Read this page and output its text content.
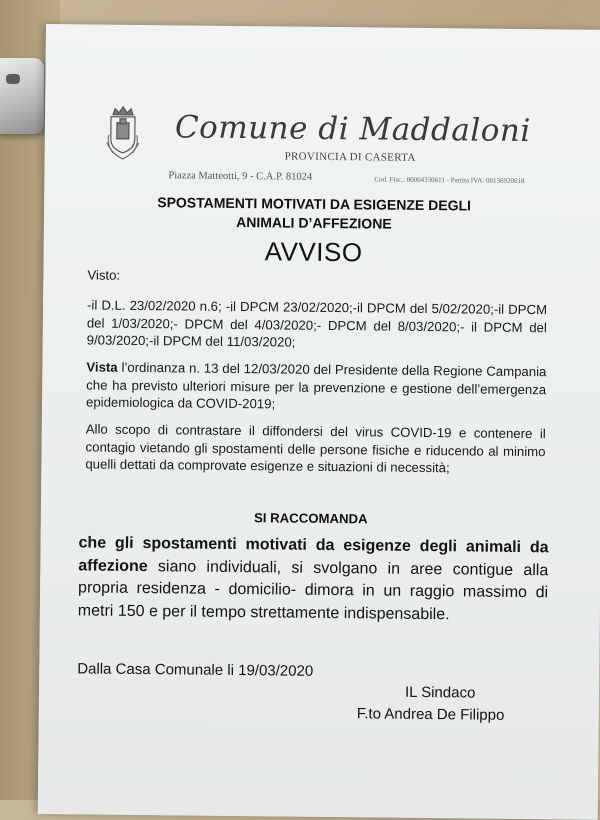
Comune di Maddaloni
PROVINCIA DI CASERTA
Piazza Matteotti, 9 - C.A.P. 81024	Cod. Fisc.: 80004330611 - Partita IVA: 00136920618
SPOSTAMENTI MOTIVATI DA ESIGENZE DEGLI
ANIMALI D’AFFEZIONE
AVVISO
Visto:
-il D.L. 23/02/2020 n.6; -il DPCM 23/02/2020;-il DPCM del 5/02/2020;-il DPCM del 1/03/2020;- DPCM del 4/03/2020;- DPCM del 8/03/2020;- il DPCM del 9/03/2020;-il DPCM del 11/03/2020;
Vista l’ordinanza n. 13 del 12/03/2020 del Presidente della Regione Campania che ha previsto ulteriori misure per la prevenzione e gestione dell’emergenza epidemiologica da COVID-2019;
Allo scopo di contrastare il diffondersi del virus COVID-19 e contenere il contagio vietando gli spostamenti delle persone fisiche e riducendo al minimo quelli dettati da comprovate esigenze e situazioni di necessità;
SI RACCOMANDA
che gli spostamenti motivati da esigenze degli animali da affezione siano individuali, si svolgano in aree contigue alla propria residenza - domicilio- dimora in un raggio massimo di metri 150 e per il tempo strettamente indispensabile.
Dalla Casa Comunale li 19/03/2020
IL Sindaco
F.to Andrea De Filippo
